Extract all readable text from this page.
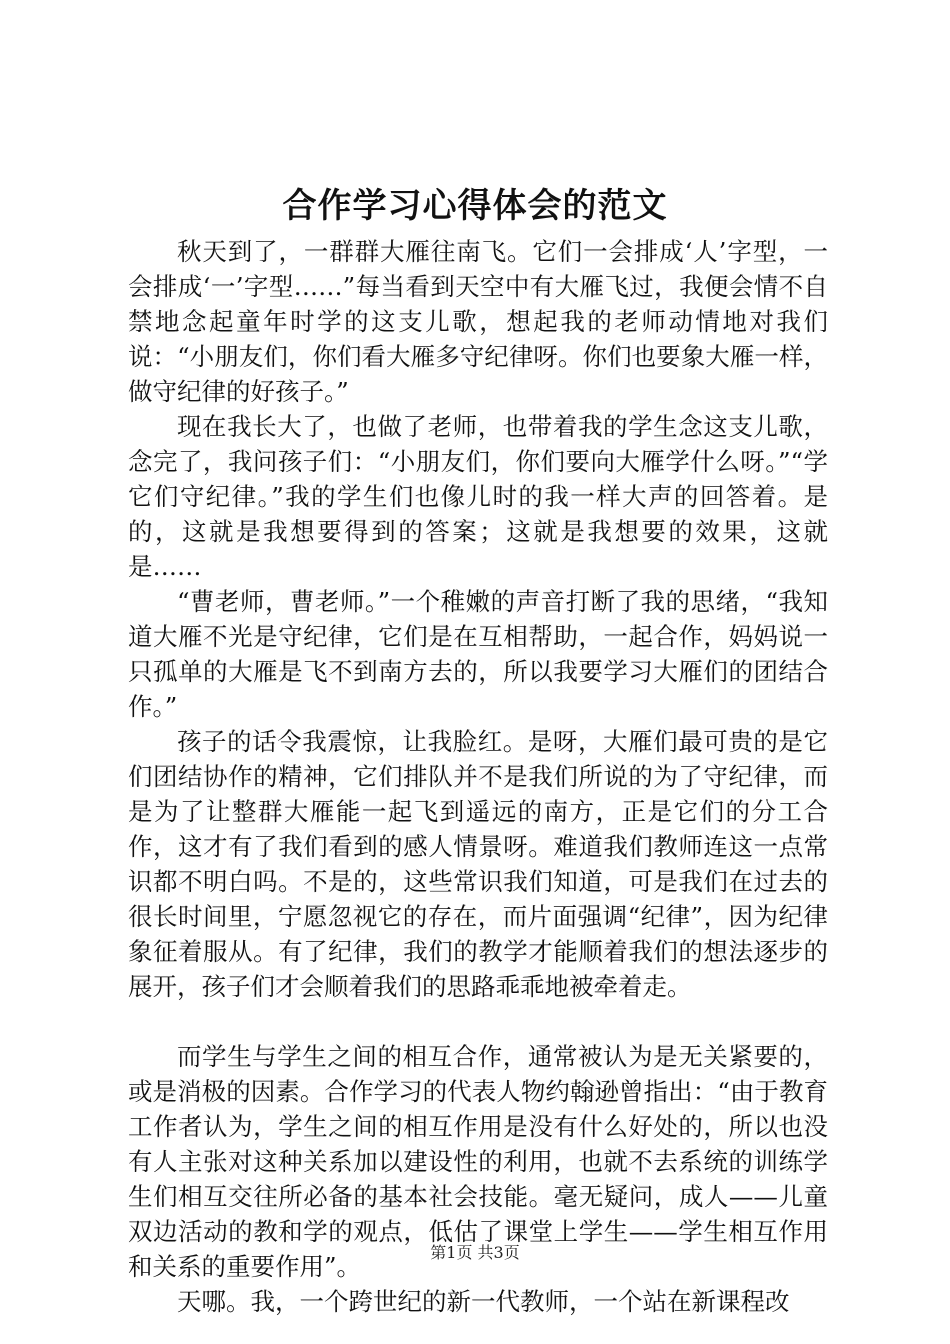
合作学习心得体会的范文

秋天到了，一群群大雁往南飞。它们一会排成‘人’字型，一会排成‘一’字型……”每当看到天空中有大雁飞过，我便会情不自禁地念起童年时学的这支儿歌，想起我的老师动情地对我们说：“小朋友们，你们看大雁多守纪律呀。你们也要象大雁一样，做守纪律的好孩子。”

现在我长大了，也做了老师，也带着我的学生念这支儿歌，念完了，我问孩子们：“小朋友们，你们要向大雁学什么呀。”“学它们守纪律。”我的学生们也像儿时的我一样大声的回答着。是的，这就是我想要得到的答案；这就是我想要的效果，这就是……

“曹老师，曹老师。”一个稚嫩的声音打断了我的思绪，“我知道大雁不光是守纪律，它们是在互相帮助，一起合作，妈妈说一只孤单的大雁是飞不到南方去的，所以我要学习大雁们的团结合作。”

孩子的话令我震惊，让我脸红。是呀，大雁们最可贵的是它们团结协作的精神，它们排队并不是我们所说的为了守纪律，而是为了让整群大雁能一起飞到遥远的南方，正是它们的分工合作，这才有了我们看到的感人情景呀。难道我们教师连这一点常识都不明白吗。不是的，这些常识我们知道，可是我们在过去的很长时间里，宁愿忽视它的存在，而片面强调“纪律”，因为纪律象征着服从。有了纪律，我们的教学才能顺着我们的想法逐步的展开，孩子们才会顺着我们的思路乖乖地被牵着走。

而学生与学生之间的相互合作，通常被认为是无关紧要的，或是消极的因素。合作学习的代表人物约翰逊曾指出：“由于教育工作者认为，学生之间的相互作用是没有什么好处的，所以也没有人主张对这种关系加以建设性的利用，也就不去系统的训练学生们相互交往所必备的基本社会技能。毫无疑问，成人——儿童双边活动的教和学的观点，低估了课堂上学生——学生相互作用和关系的重要作用”。

天哪。我，一个跨世纪的新一代教师，一个站在新课程改

第1页 共3页
